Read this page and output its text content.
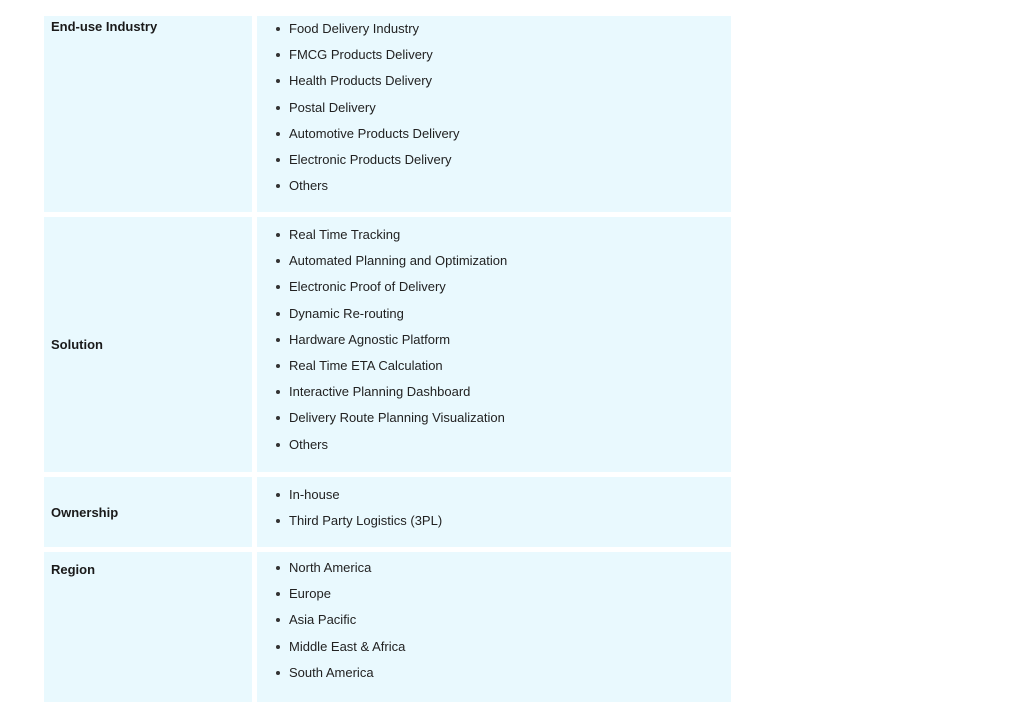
End-use Industry	Food Delivery Industry
FMCG Products Delivery
Health Products Delivery
Postal Delivery
Automotive Products Delivery
Electronic Products Delivery
Others
Solution
Real Time Tracking
Automated Planning and Optimization
Electronic Proof of Delivery
Dynamic Re-routing
Hardware Agnostic Platform
Real Time ETA Calculation
Interactive Planning Dashboard
Delivery Route Planning Visualization
Others
Ownership
In-house
Third Party Logistics (3PL)
Region	North America
Europe
Asia Pacific
Middle East & Africa
South America
